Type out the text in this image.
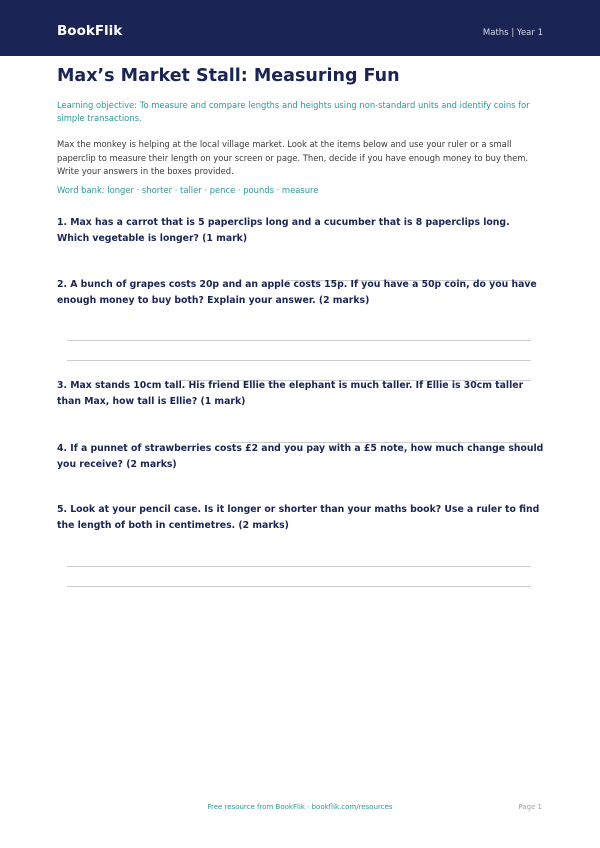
BookFlik	Maths | Year 1

Max’s Market Stall: Measuring Fun

Learning objective: To measure and compare lengths and heights using non-standard units and identify coins for simple transactions.

Max the monkey is helping at the local village market. Look at the items below and use your ruler or a small paperclip to measure their length on your screen or page. Then, decide if you have enough money to buy them. Write your answers in the boxes provided.

Word bank: longer · shorter · taller · pence · pounds · measure

1. Max has a carrot that is 5 paperclips long and a cucumber that is 8 paperclips long. Which vegetable is longer? (1 mark)

2. A bunch of grapes costs 20p and an apple costs 15p. If you have a 50p coin, do you have enough money to buy both? Explain your answer. (2 marks)

3. Max stands 10cm tall. His friend Ellie the elephant is much taller. If Ellie is 30cm taller than Max, how tall is Ellie? (1 mark)

4. If a punnet of strawberries costs £2 and you pay with a £5 note, how much change should you receive? (2 marks)

5. Look at your pencil case. Is it longer or shorter than your maths book? Use a ruler to find the length of both in centimetres. (2 marks)

Free resource from BookFlik · bookflik.com/resources	Page 1
